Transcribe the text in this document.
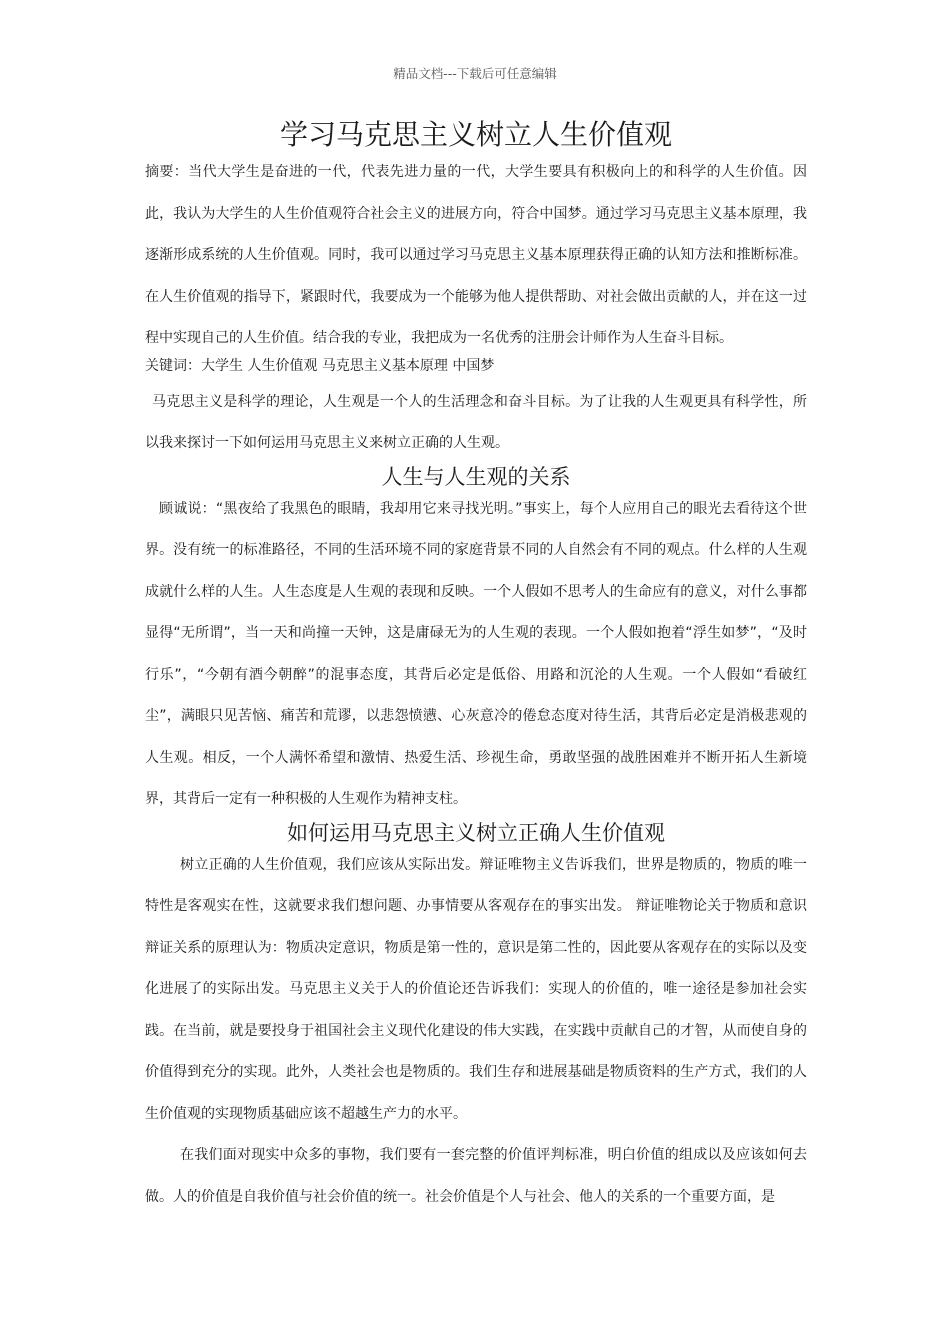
精品文档---下载后可任意编辑
学习马克思主义树立人生价值观

摘要：当代大学生是奋进的一代，代表先进力量的一代，大学生要具有积极向上的和科学的人生价值。因此，我认为大学生的人生价值观符合社会主义的进展方向，符合中国梦。通过学习马克思主义基本原理，我逐渐形成系统的人生价值观。同时，我可以通过学习马克思主义基本原理获得正确的认知方法和推断标准。在人生价值观的指导下，紧跟时代，我要成为一个能够为他人提供帮助、对社会做出贡献的人，并在这一过程中实现自己的人生价值。结合我的专业，我把成为一名优秀的注册会计师作为人生奋斗目标。

关键词：大学生 人生价值观 马克思主义基本原理 中国梦

马克思主义是科学的理论，人生观是一个人的生活理念和奋斗目标。为了让我的人生观更具有科学性，所以我来探讨一下如何运用马克思主义来树立正确的人生观。

人生与人生观的关系

顾诚说：“黑夜给了我黑色的眼睛，我却用它来寻找光明。”事实上，每个人应用自己的眼光去看待这个世界。没有统一的标准路径，不同的生活环境不同的家庭背景不同的人自然会有不同的观点。什么样的人生观成就什么样的人生。人生态度是人生观的表现和反映。一个人假如不思考人的生命应有的意义，对什么事都显得“无所谓”，当一天和尚撞一天钟，这是庸碌无为的人生观的表现。一个人假如抱着“浮生如梦”，“及时行乐”，“今朝有酒今朝醉”的混事态度，其背后必定是低俗、用路和沉沦的人生观。一个人假如“看破红尘”，满眼只见苦恼、痛苦和荒谬，以悲怨愤懑、心灰意冷的倦怠态度对待生活，其背后必定是消极悲观的人生观。相反，一个人满怀希望和激情、热爱生活、珍视生命，勇敢坚强的战胜困难并不断开拓人生新境界，其背后一定有一种积极的人生观作为精神支柱。

如何运用马克思主义树立正确人生价值观

树立正确的人生价值观，我们应该从实际出发。辩证唯物主义告诉我们，世界是物质的，物质的唯一特性是客观实在性，这就要求我们想问题、办事情要从客观存在的事实出发。 辩证唯物论关于物质和意识辩证关系的原理认为：物质决定意识，物质是第一性的，意识是第二性的，因此要从客观存在的实际以及变化进展了的实际出发。马克思主义关于人的价值论还告诉我们：实现人的价值的，唯一途径是参加社会实践。在当前，就是要投身于祖国社会主义现代化建设的伟大实践，在实践中贡献自己的才智，从而使自身的价值得到充分的实现。此外，人类社会也是物质的。我们生存和进展基础是物质资料的生产方式，我们的人生价值观的实现物质基础应该不超越生产力的水平。

在我们面对现实中众多的事物，我们要有一套完整的价值评判标准，明白价值的组成以及应该如何去做。人的价值是自我价值与社会价值的统一。社会价值是个人与社会、他人的关系的一个重要方面，是
